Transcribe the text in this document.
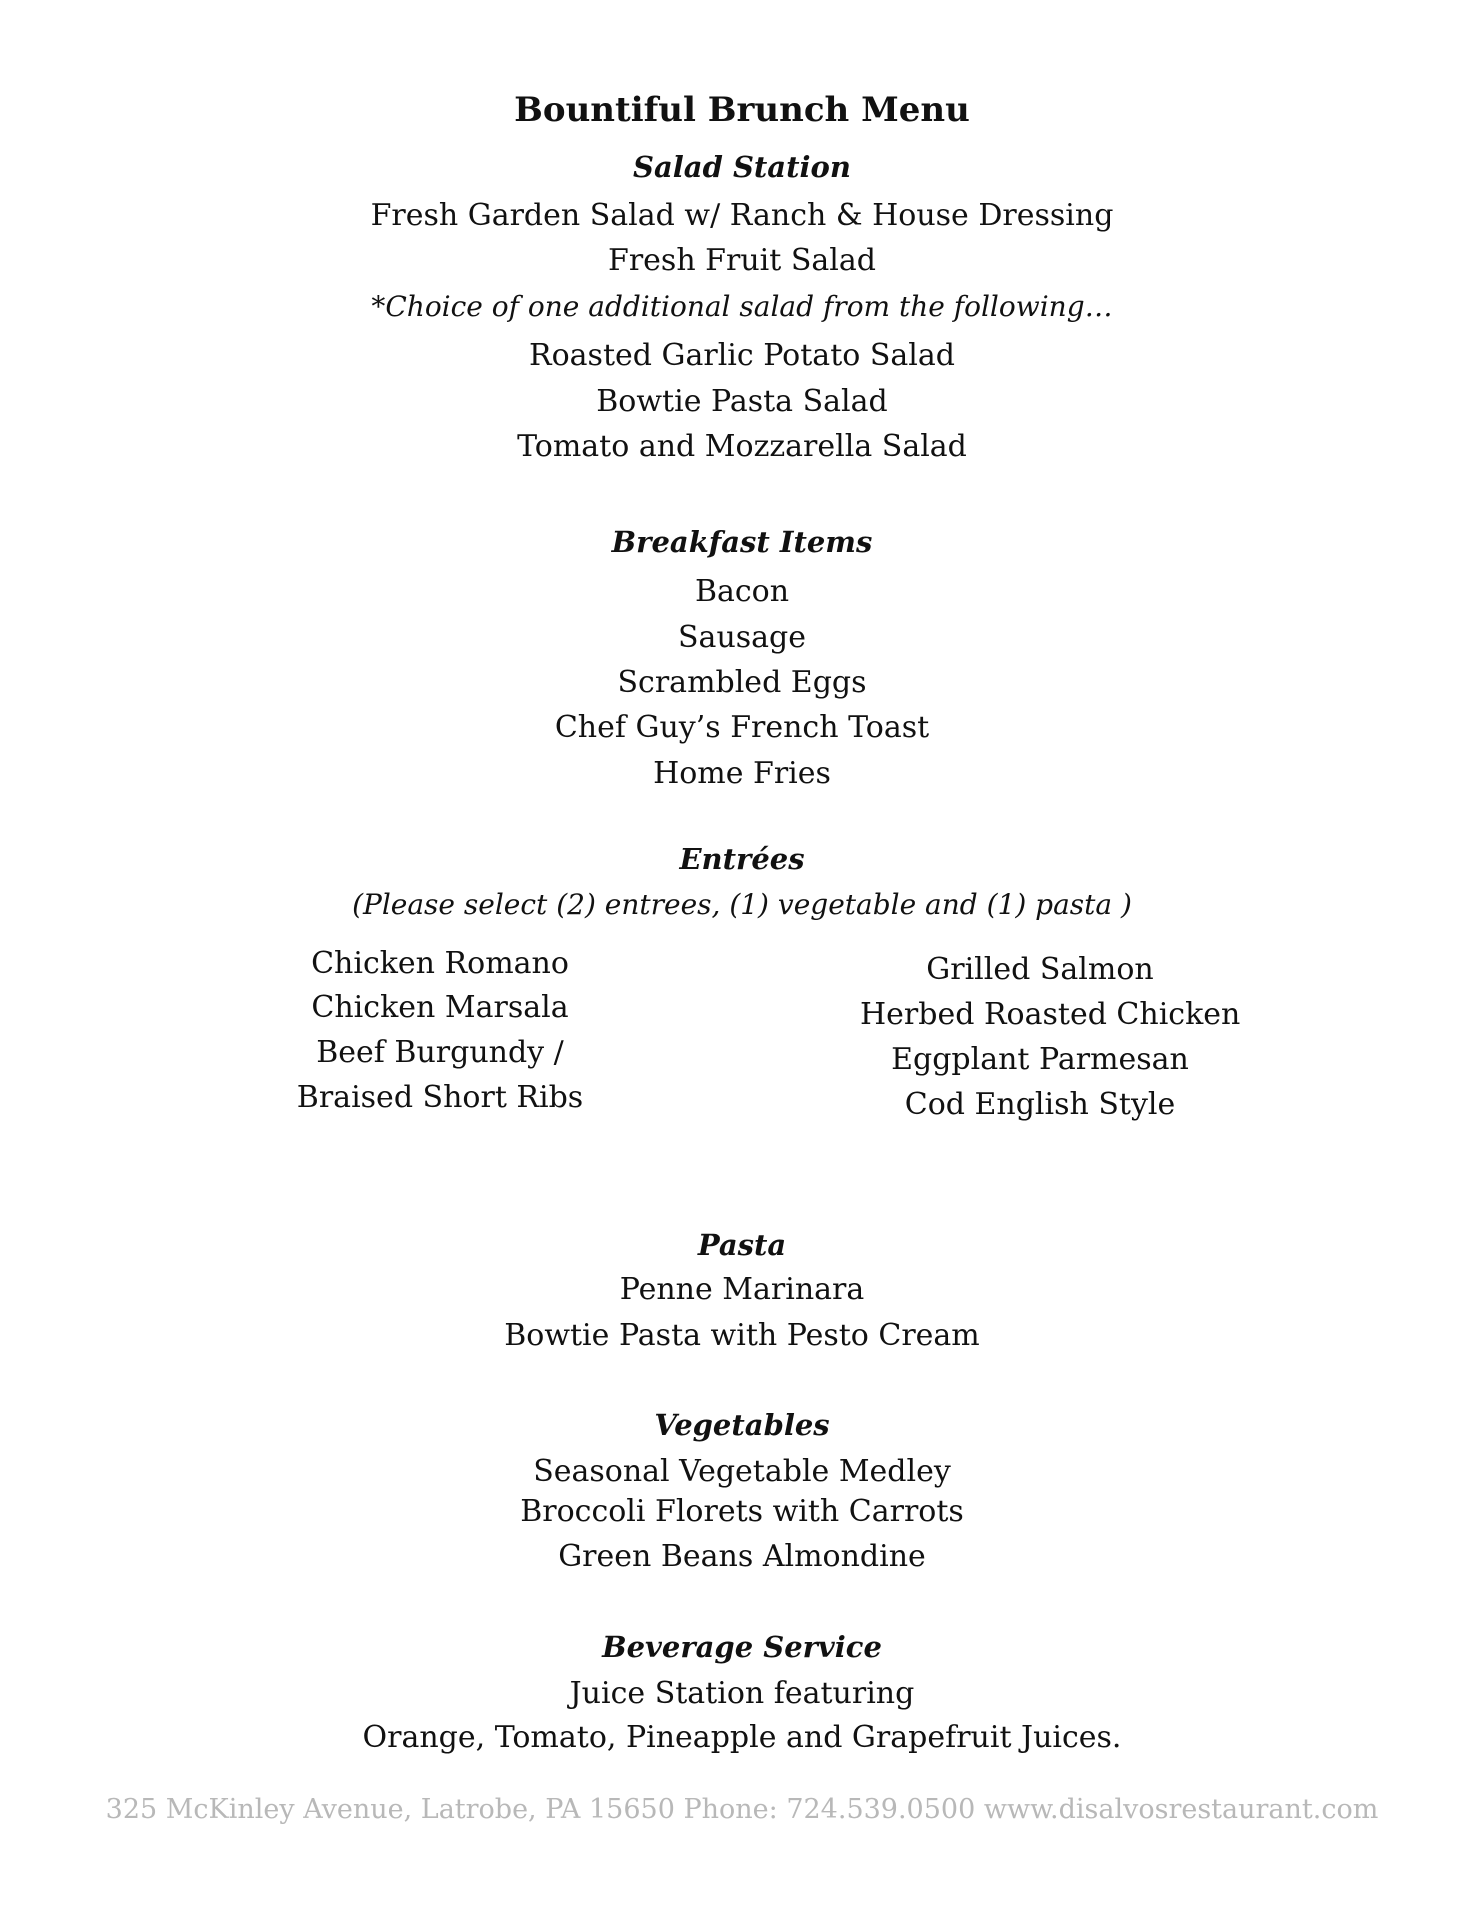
Bountiful Brunch Menu
Salad Station
Fresh Garden Salad w/ Ranch & House Dressing
Fresh Fruit Salad
*Choice of one additional salad from the following…
Roasted Garlic Potato Salad
Bowtie Pasta Salad
Tomato and Mozzarella Salad
Breakfast Items
Bacon
Sausage
Scrambled Eggs
Chef Guy’s French Toast
Home Fries
Entrées
(Please select (2) entrees, (1) vegetable and (1) pasta )
Chicken Romano
Chicken Marsala
Beef Burgundy /
Braised Short Ribs
Grilled Salmon
Herbed Roasted Chicken
Eggplant Parmesan
Cod English Style
Pasta
Penne Marinara
Bowtie Pasta with Pesto Cream
Vegetables
Seasonal Vegetable Medley
Broccoli Florets with Carrots
Green Beans Almondine
Beverage Service
Juice Station featuring
Orange, Tomato, Pineapple and Grapefruit Juices.
325 McKinley Avenue, Latrobe, PA 15650 Phone: 724.539.0500 www.disalvosrestaurant.com
